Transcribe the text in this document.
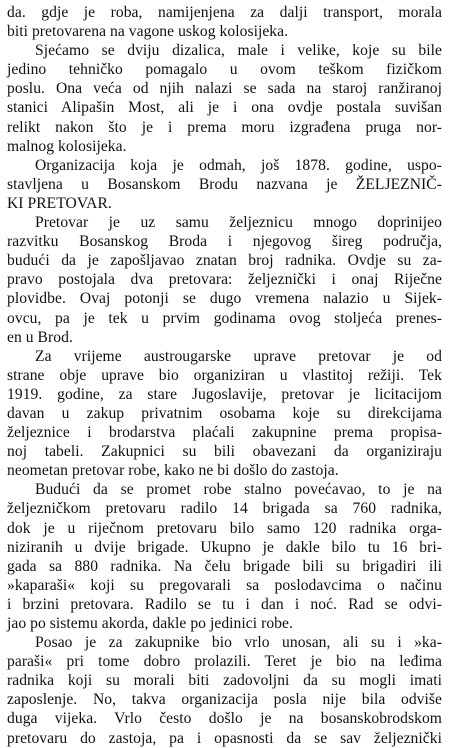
da. gdje je roba, namijenjena za dalji transport, morala
biti pretovarena na vagone uskog kolosijeka.
Sjećamo se dviju dizalica, male i velike, koje su bile
jedino tehničko pomagalo u ovom teškom fizičkom
poslu. Ona veća od njih nalazi se sada na staroj ranžiranoj
stanici Alipašin Most, ali je i ona ovdje postala suvišan
relikt nakon što je i prema moru izgrađena pruga nor-
malnog kolosijeka.
Organizacija koja je odmah, još 1878. godine, uspo-
stavljena u Bosanskom Brodu nazvana je ŽELJEZNIČ-
KI PRETOVAR.
Pretovar je uz samu željeznicu mnogo doprinijeo
razvitku Bosanskog Broda i njegovog šireg područja,
budući da je zapošljavao znatan broj radnika. Ovdje su za-
pravo postojala dva pretovara: željeznički i onaj Riječne
plovidbe. Ovaj potonji se dugo vremena nalazio u Sijek-
ovcu, pa je tek u prvim godinama ovog stoljeća prenes-
en u Brod.
Za vrijeme austrougarske uprave pretovar je od
strane obje uprave bio organiziran u vlastitoj režiji. Tek
1919. godine, za stare Jugoslavije, pretovar je licitacijom
davan u zakup privatnim osobama koje su direkcijama
željeznice i brodarstva plaćali zakupnine prema propisa-
noj tabeli. Zakupnici su bili obavezani da organiziraju
neometan pretovar robe, kako ne bi došlo do zastoja.
Budući da se promet robe stalno povećavao, to je na
željezničkom pretovaru radilo 14 brigada sa 760 radnika,
dok je u riječnom pretovaru bilo samo 120 radnika orga-
niziranih u dvije brigade. Ukupno je dakle bilo tu 16 bri-
gada sa 880 radnika. Na čelu brigade bili su brigadiri ili
»kaparaši« koji su pregovarali sa poslodavcima o načinu
i brzini pretovara. Radilo se tu i dan i noć. Rad se odvi-
jao po sistemu akorda, dakle po jedinici robe.
Posao je za zakupnike bio vrlo unosan, ali su i »ka-
paraši« pri tome dobro prolazili. Teret je bio na leđima
radnika koji su morali biti zadovoljni da su mogli imati
zaposlenje. No, takva organizacija posla nije bila odviše
duga vijeka. Vrlo često došlo je na bosanskobrodskom
pretovaru do zastoja, pa i opasnosti da se sav željeznički
